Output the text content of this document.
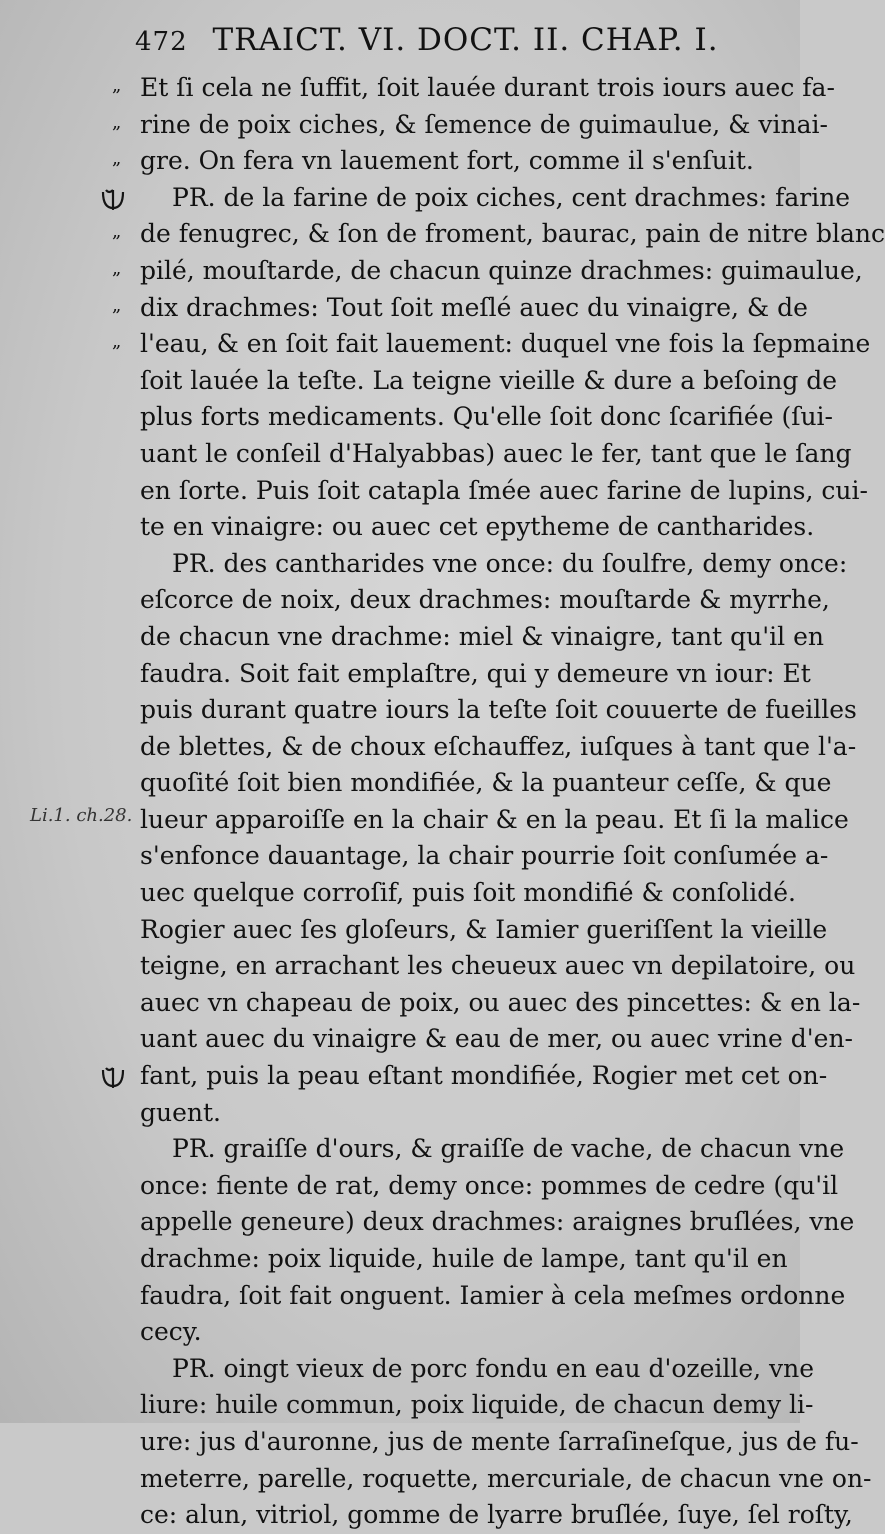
472 TRAICT. VI. DOCT. II. CHAP. I.
„ Et ſi cela ne ſuffit, ſoit lauée durant trois iours auec fa-
„ rine de poix ciches, & ſemence de guimaulue, & vinai-
„ gre. On fera vn lauement fort, comme il s'enſuit.
PR. de la farine de poix ciches, cent drachmes: farine
„ de fenugrec, & ſon de froment, baurac, pain de nitre blanc
„ pilé, mouſtarde, de chacun quinze drachmes: guimaulue,
„ dix drachmes: Tout ſoit meſlé auec du vinaigre, & de
„ l'eau, & en ſoit fait lauement: duquel vne fois la ſepmaine
ſoit lauée la teſte. La teigne vieille & dure a beſoing de
plus forts medicaments. Qu'elle ſoit donc ſcarifiée (ſui-
uant le conſeil d'Halyabbas) auec le fer, tant que le ſang
en ſorte. Puis ſoit catapla ſmée auec farine de lupins, cui-
te en vinaigre: ou auec cet epytheme de cantharides.
PR. des cantharides vne once: du ſoulfre, demy once:
eſcorce de noix, deux drachmes: mouſtarde & myrrhe,
de chacun vne drachme: miel & vinaigre, tant qu'il en
faudra. Soit fait emplaſtre, qui y demeure vn iour: Et
puis durant quatre iours la teſte ſoit couuerte de fueilles
de blettes, & de choux eſchauffez, iuſques à tant que l'a-
quoſité ſoit bien mondifiée, & la puanteur ceſſe, & que
Li.1. ch.28. lueur apparoiſſe en la chair & en la peau. Et ſi la malice
s'enfonce dauantage, la chair pourrie ſoit conſumée a-
uec quelque corroſif, puis ſoit mondifié & conſolidé.
Rogier auec ſes gloſeurs, & Iamier gueriſſent la vieille
teigne, en arrachant les cheueux auec vn depilatoire, ou
auec vn chapeau de poix, ou auec des pincettes: & en la-
uant auec du vinaigre & eau de mer, ou auec vrine d'en-
fant, puis la peau eſtant mondifiée, Rogier met cet on-
guent.
PR. graiſſe d'ours, & graiſſe de vache, de chacun vne
once: fiente de rat, demy once: pommes de cedre (qu'il
appelle geneure) deux drachmes: araignes bruſlées, vne
drachme: poix liquide, huile de lampe, tant qu'il en
faudra, ſoit fait onguent. Iamier à cela meſmes ordonne
cecy.
PR. oingt vieux de porc fondu en eau d'ozeille, vne
liure: huile commun, poix liquide, de chacun demy li-
ure: jus d'auronne, jus de mente ſarraſineſque, jus de fu-
meterre, parelle, roquette, mercuriale, de chacun vne on-
ce: alun, vitriol, gomme de lyarre bruſlée, ſuye, ſel roſty,
